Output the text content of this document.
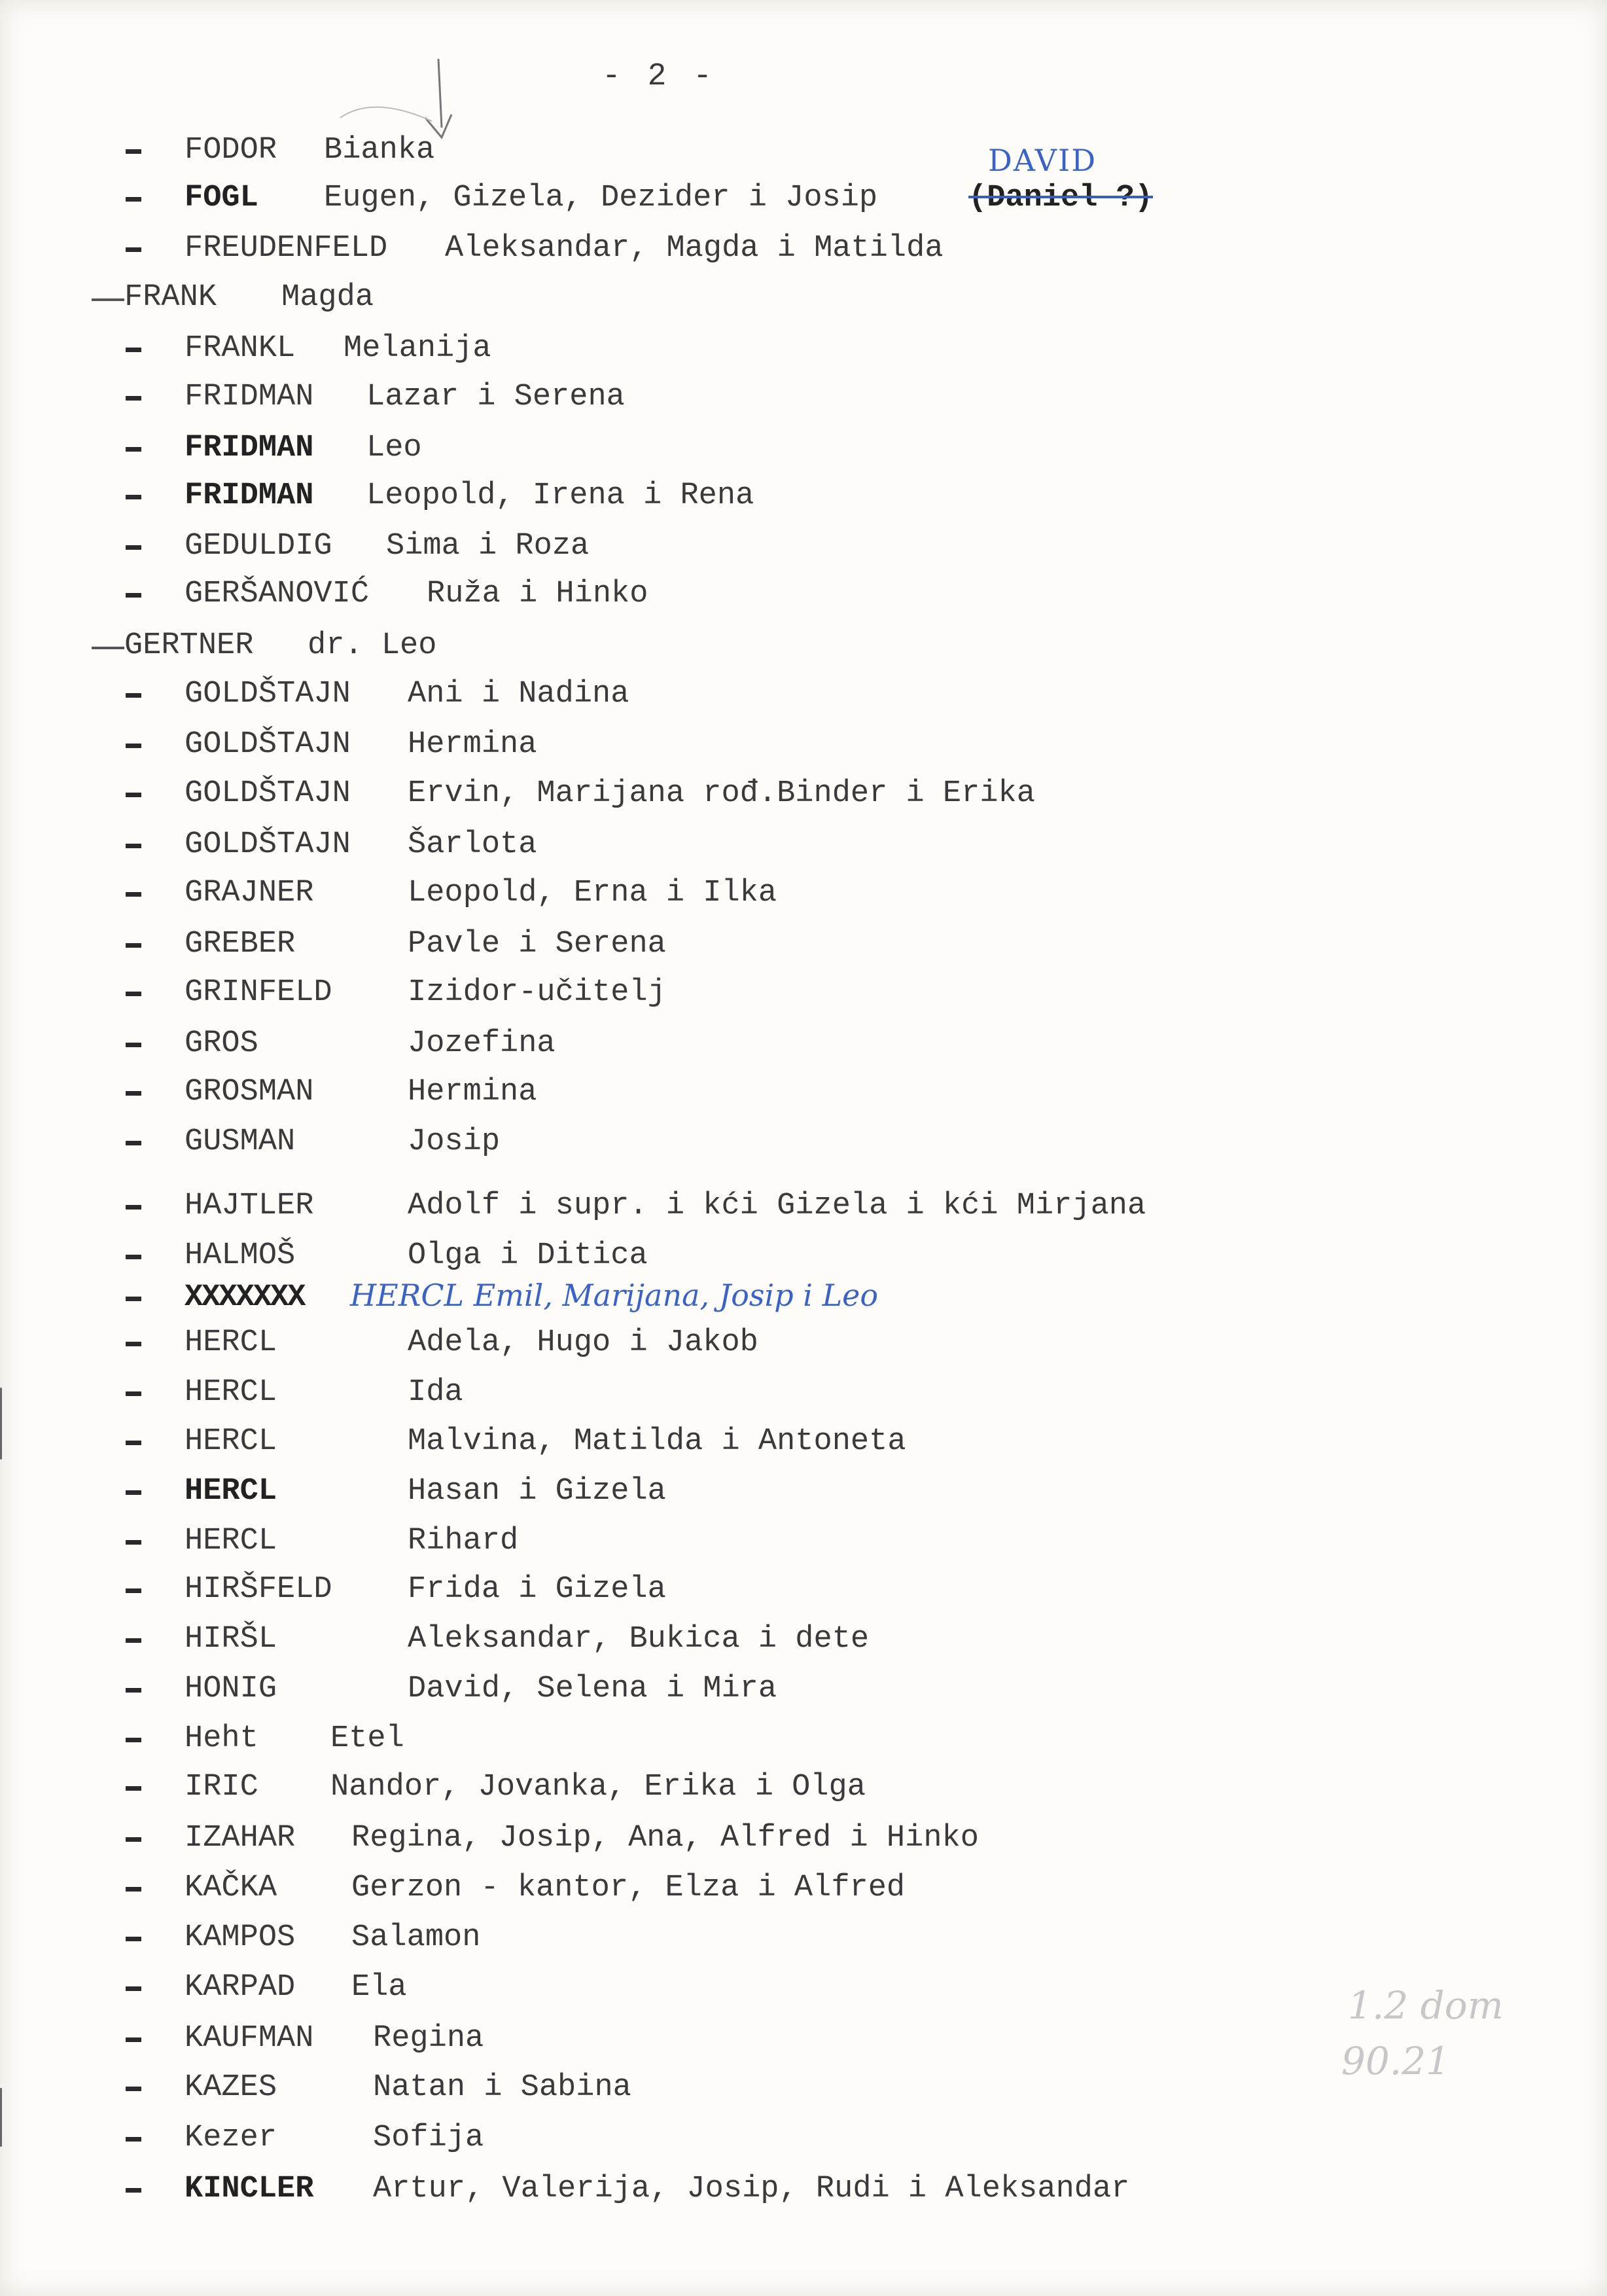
- 2 -
DAVID
FODOR Bianka
FOGL Eugen, Gizela, Dezider i Josip	(Daniel ?)
FREUDENFELD Aleksandar, Magda i Matilda
FRANK Magda
FRANKL Melanija
FRIDMAN Lazar i Serena
FRIDMAN Leo
FRIDMAN Leopold, Irena i Rena
GEDULDIG Sima i Roza
GERŠANOVIĆ Ruža i Hinko
GERTNER dr. Leo
GOLDŠTAJN Ani i Nadina
GOLDŠTAJN Hermina
GOLDŠTAJN Ervin, Marijana rođ.Binder i Erika
GOLDŠTAJN Šarlota
GRAJNER	Leopold, Erna i Ilka
GREBER	Pavle i Serena
GRINFELD Izidor-učitelj
GROS	Jozefina
GROSMAN	Hermina
GUSMAN	Josip
HAJTLER	Adolf i supr. i kći Gizela i kći Mirjana
HALMOŠ	Olga i Ditica
HERCL	Adela, Hugo i Jakob
HERCL	Ida
HERCL	Malvina, Matilda i Antoneta
HERCL	Hasan i Gizela
HERCL	Rihard
HIRŠFELD Frida i Gizela
HIRŠL	Aleksandar, Bukica i dete
HONIG	David, Selena i Mira
Heht Etel
IRIC Nandor, Jovanka, Erika i Olga
IZAHAR Regina, Josip, Ana, Alfred i Hinko
KAČKA Gerzon - kantor, Elza i Alfred
KAMPOS Salamon
KARPAD Ela
KAUFMAN Regina
KAZES	Natan i Sabina
Kezer	Sofija
KINCLER Artur, Valerija, Josip, Rudi i Aleksandar
XXXXXXX HERCL Emil, Marijana, Josip i Leo
1.2 dom
90.21
